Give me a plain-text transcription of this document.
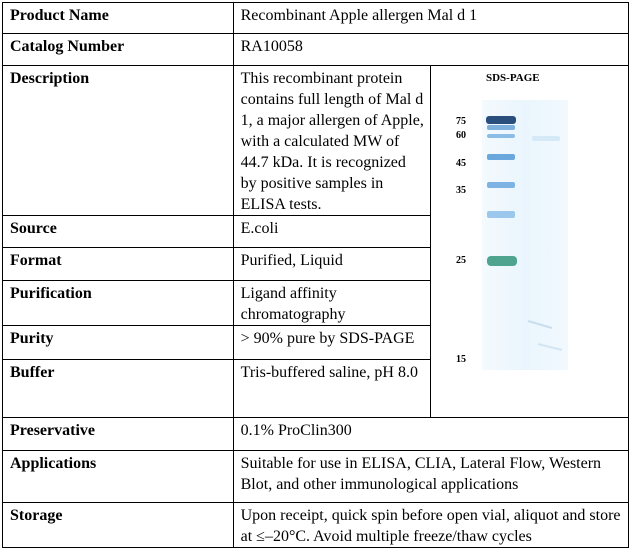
Product Name	Recombinant Apple allergen Mal d 1	
Catalog Number	RA10058	
Description	This recombinant protein contains full length of Mal d 1, a major allergen of Apple, with a calculated MW of 44.7 kDa. It is recognized by positive samples in ELISA tests.	
Source	E.coli	
Format	Purified, Liquid	
Purification	Ligand affinity chromatography	
Purity	> 90% pure by SDS-PAGE	
Buffer	Tris-buffered saline, pH 8.0	
Preservative	0.1% ProClin300	
Applications	Suitable for use in ELISA, CLIA, Lateral Flow, Western Blot, and other immunological applications	
Storage	Upon receipt, quick spin before open vial, aliquot and store at ≤–20°C. Avoid multiple freeze/thaw cycles	
SDS-PAGE
75
60
45
35
25
15
